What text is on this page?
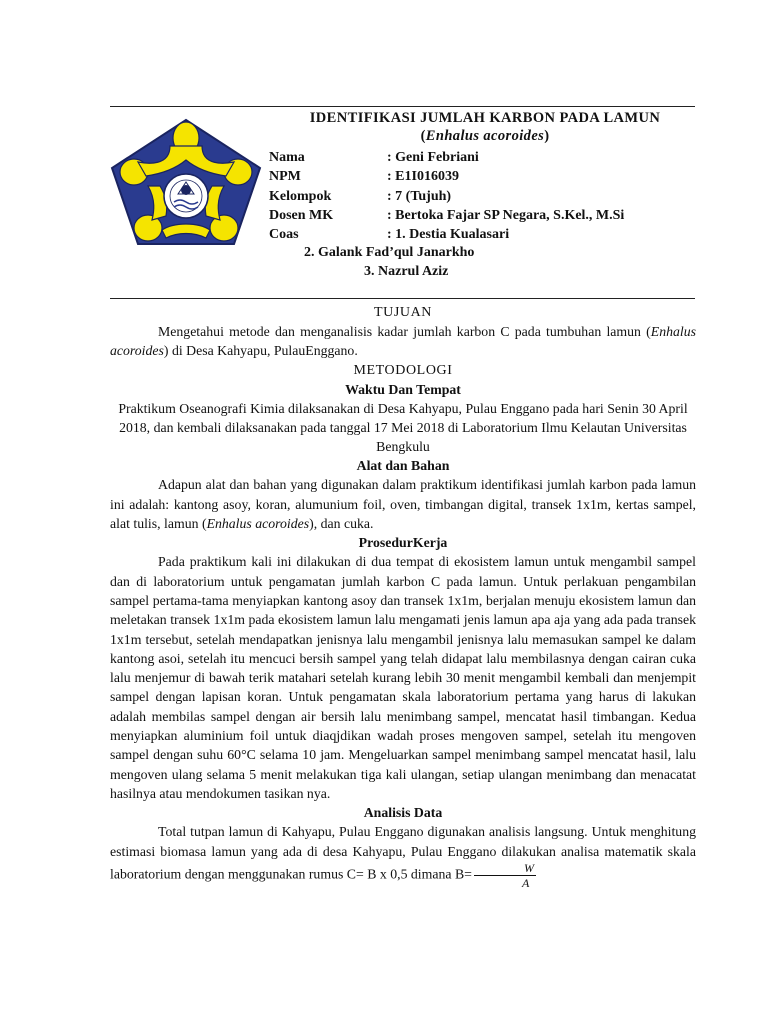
IDENTIFIKASI JUMLAH KARBON PADA LAMUN
(Enhalus acoroides)
Nama	: Geni Febriani
NPM	: E1I016039
Kelompok	: 7 (Tujuh)
Dosen MK	: Bertoka Fajar SP Negara, S.Kel., M.Si
Coas	: 1. Destia Kualasari
2. Galank Fad’qul Janarkho
3. Nazrul Aziz
TUJUAN

Mengetahui metode dan menganalisis kadar jumlah karbon C pada tumbuhan lamun (Enhalus acoroides) di Desa Kahyapu, PulauEnggano.

METODOLOGI
Waktu Dan Tempat

Praktikum Oseanografi Kimia dilaksanakan di Desa Kahyapu, Pulau Enggano pada hari Senin 30 April 2018, dan kembali dilaksanakan pada tanggal 17 Mei 2018 di Laboratorium Ilmu Kelautan Universitas Bengkulu

Alat dan Bahan

Adapun alat dan bahan yang digunakan dalam praktikum identifikasi jumlah karbon pada lamun ini adalah: kantong asoy, koran, alumunium foil, oven, timbangan digital, transek 1x1m, kertas sampel, alat tulis, lamun (Enhalus acoroides), dan cuka.

ProsedurKerja

Pada praktikum kali ini dilakukan di dua tempat di ekosistem lamun untuk mengambil sampel dan di laboratorium untuk pengamatan jumlah karbon C pada lamun. Untuk perlakuan pengambilan sampel pertama-tama menyiapkan kantong asoy dan transek 1x1m, berjalan menuju ekosistem lamun dan meletakan transek 1x1m pada ekosistem lamun lalu mengamati jenis lamun apa aja yang ada pada transek 1x1m tersebut, setelah mendapatkan jenisnya lalu mengambil jenisnya lalu memasukan sampel ke dalam kantong asoi, setelah itu mencuci bersih sampel yang telah didapat lalu membilasnya dengan cairan cuka lalu menjemur di bawah terik matahari setelah kurang lebih 30 menit mengambil kembali dan menjempit sampel dengan lapisan koran. Untuk pengamatan skala laboratorium pertama yang harus di lakukan adalah membilas sampel dengan air bersih lalu menimbang sampel, mencatat hasil timbangan. Kedua menyiapkan aluminium foil untuk diaqjdikan wadah proses mengoven sampel, setelah itu mengoven sampel dengan suhu 60°C selama 10 jam. Mengeluarkan sampel menimbang sampel mencatat hasil, lalu mengoven ulang selama 5 menit melakukan tiga kali ulangan, setiap ulangan menimbang dan menacatat hasilnya atau mendokumen tasikan nya.

Analisis Data

Total tutpan lamun di Kahyapu, Pulau Enggano digunakan analisis langsung. Untuk menghitung estimasi biomasa lamun yang ada di desa Kahyapu, Pulau Enggano dilakukan analisa matematik skala laboratorium dengan menggunakan rumus C= B x 0,5 dimana $B= \frac{W}{A}$
